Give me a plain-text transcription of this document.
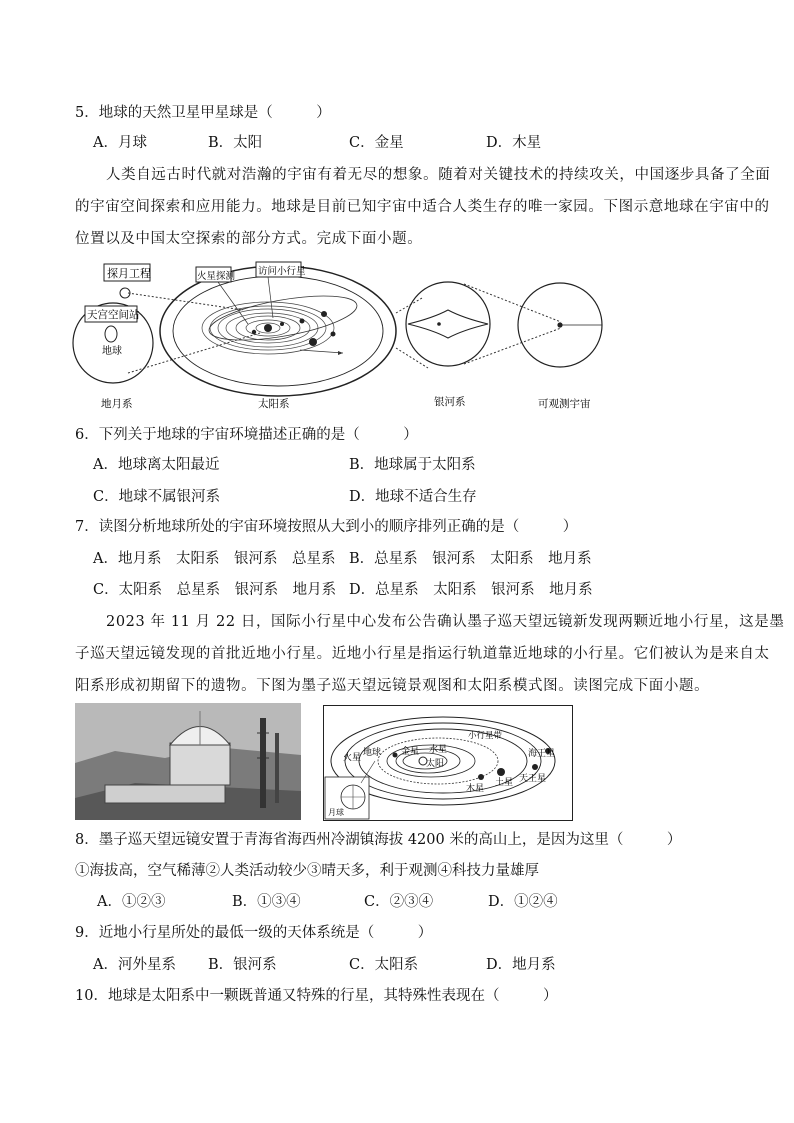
5．地球的天然卫星甲星球是（　　　）
A．月球	B．太阳	C．金星	D．木星
人类自远古时代就对浩瀚的宇宙有着无尽的想象。随着对关键技术的持续攻关，中国逐步具备了全面
的宇宙空间探索和应用能力。地球是目前已知宇宙中适合人类生存的唯一家园。下图示意地球在宇宙中的
位置以及中国太空探索的部分方式。完成下面小题。
探月工程
天宫空间站
地球
火星探测 访问小行星
地月系	太阳系	银河系	可观测宇宙
6．下列关于地球的宇宙环境描述正确的是（　　　）
A．地球离太阳最近	B．地球属于太阳系
C．地球不属银河系	D．地球不适合生存
7．读图分析地球所处的宇宙环境按照从大到小的顺序排列正确的是（　　　）
A．地月系　太阳系　银河系　总星系 B．总星系　银河系　太阳系　地月系
C．太阳系　总星系　银河系　地月系 D．总星系　太阳系　银河系　地月系
2023 年 11 月 22 日，国际小行星中心发布公告确认墨子巡天望远镜新发现两颗近地小行星，这是墨
子巡天望远镜发现的首批近地小行星。近地小行星是指运行轨道靠近地球的小行星。它们被认为是来自太
阳系形成初期留下的遗物。下图为墨子巡天望远镜景观图和太阳系模式图。读图完成下面小题。
太阳
火星 地球 金星 水星
小行星带
土星
木星
天王星
海王星
月球
8．墨子巡天望远镜安置于青海省海西州冷湖镇海拔 4200 米的高山上，是因为这里（　　　）
①海拔高，空气稀薄②人类活动较少③晴天多，利于观测④科技力量雄厚
A．①②③	B．①③④	C．②③④	D．①②④
9．近地小行星所处的最低一级的天体系统是（　　　）
A．河外星系 B．银河系	C．太阳系	D．地月系
10．地球是太阳系中一颗既普通又特殊的行星，其特殊性表现在（　　　）
